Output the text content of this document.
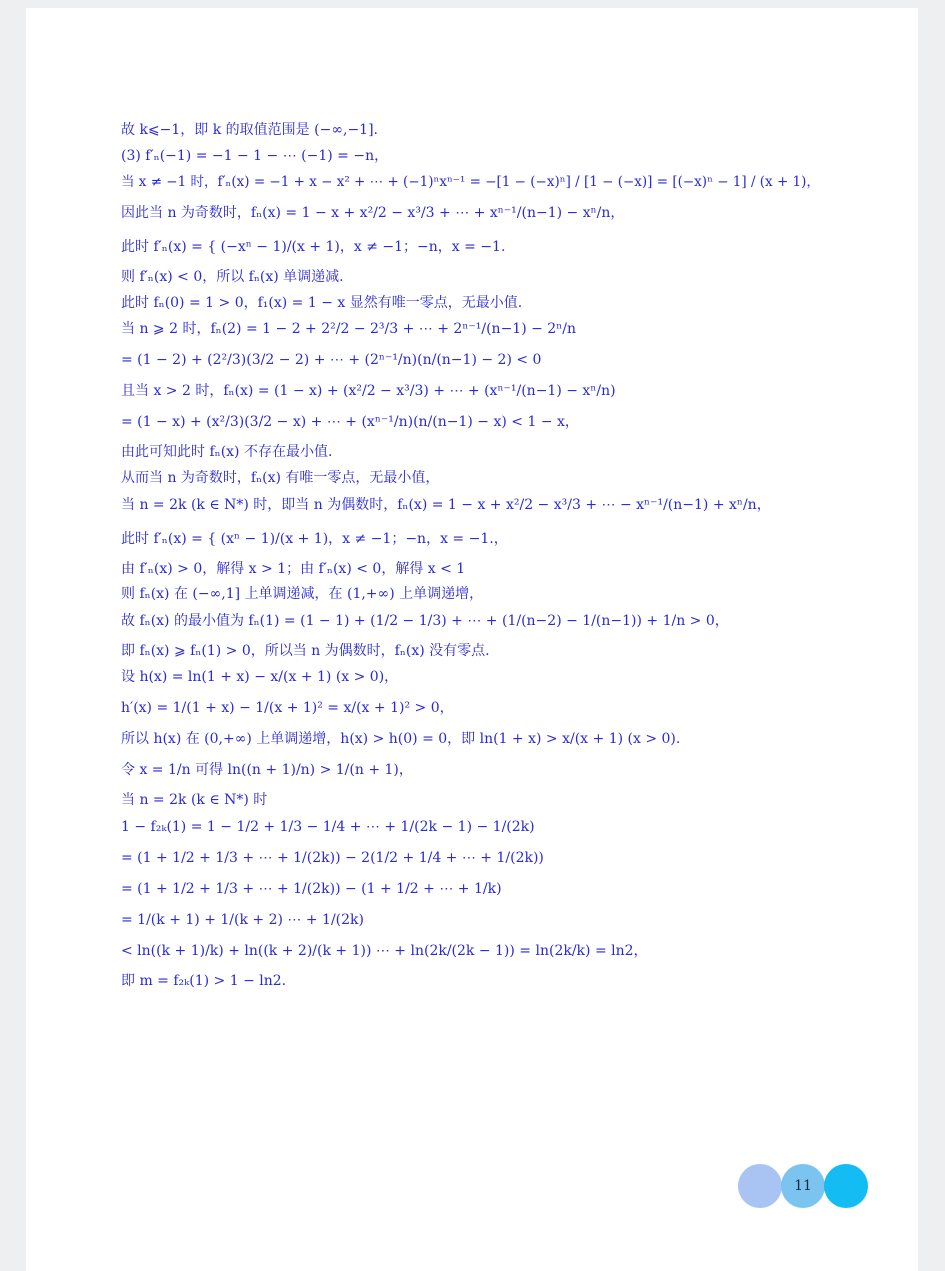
故 k⩽−1，即 k 的取值范围是 (−∞,−1].
(3) f′ₙ(−1) = −1 − 1 − ⋯ (−1) = −n，
当 x ≠ −1 时，f′ₙ(x) = −1 + x − x² + ⋯ + (−1)ⁿxⁿ⁻¹ = −[1 − (−x)ⁿ] / [1 − (−x)] = [(−x)ⁿ − 1] / (x + 1)，
因此当 n 为奇数时，fₙ(x) = 1 − x + x²/2 − x³/3 + ⋯ + xⁿ⁻¹/(n−1) − xⁿ/n，
此时 f′ₙ(x) = { (−xⁿ − 1)/(x + 1)，x ≠ −1；−n，x = −1.
则 f′ₙ(x) < 0，所以 fₙ(x) 单调递减.
此时 fₙ(0) = 1 > 0，f₁(x) = 1 − x 显然有唯一零点，无最小值.
当 n ⩾ 2 时，fₙ(2) = 1 − 2 + 2²/2 − 2³/3 + ⋯ + 2ⁿ⁻¹/(n−1) − 2ⁿ/n
= (1 − 2) + (2²/3)(3/2 − 2) + ⋯ + (2ⁿ⁻¹/n)(n/(n−1) − 2) < 0
且当 x > 2 时，fₙ(x) = (1 − x) + (x²/2 − x³/3) + ⋯ + (xⁿ⁻¹/(n−1) − xⁿ/n)
= (1 − x) + (x²/3)(3/2 − x) + ⋯ + (xⁿ⁻¹/n)(n/(n−1) − x) < 1 − x，
由此可知此时 fₙ(x) 不存在最小值.
从而当 n 为奇数时，fₙ(x) 有唯一零点，无最小值，
当 n = 2k (k ∈ N*) 时，即当 n 为偶数时，fₙ(x) = 1 − x + x²/2 − x³/3 + ⋯ − xⁿ⁻¹/(n−1) + xⁿ/n，
此时 f′ₙ(x) = { (xⁿ − 1)/(x + 1)，x ≠ −1；−n，x = −1.，
由 f′ₙ(x) > 0，解得 x > 1；由 f′ₙ(x) < 0，解得 x < 1
则 fₙ(x) 在 (−∞,1] 上单调递减，在 (1,+∞) 上单调递增，
故 fₙ(x) 的最小值为 fₙ(1) = (1 − 1) + (1/2 − 1/3) + ⋯ + (1/(n−2) − 1/(n−1)) + 1/n > 0，
即 fₙ(x) ⩾ fₙ(1) > 0，所以当 n 为偶数时，fₙ(x) 没有零点.
设 h(x) = ln(1 + x) − x/(x + 1) (x > 0)，
h′(x) = 1/(1 + x) − 1/(x + 1)² = x/(x + 1)² > 0，
所以 h(x) 在 (0,+∞) 上单调递增，h(x) > h(0) = 0，即 ln(1 + x) > x/(x + 1) (x > 0).
令 x = 1/n 可得 ln((n + 1)/n) > 1/(n + 1)，
当 n = 2k (k ∈ N*) 时
1 − f₂ₖ(1) = 1 − 1/2 + 1/3 − 1/4 + ⋯ + 1/(2k − 1) − 1/(2k)
= (1 + 1/2 + 1/3 + ⋯ + 1/(2k)) − 2(1/2 + 1/4 + ⋯ + 1/(2k))
= (1 + 1/2 + 1/3 + ⋯ + 1/(2k)) − (1 + 1/2 + ⋯ + 1/k)
= 1/(k + 1) + 1/(k + 2) ⋯ + 1/(2k)
< ln((k + 1)/k) + ln((k + 2)/(k + 1)) ⋯ + ln(2k/(2k − 1)) = ln(2k/k) = ln2，
即 m = f₂ₖ(1) > 1 − ln2.
11
